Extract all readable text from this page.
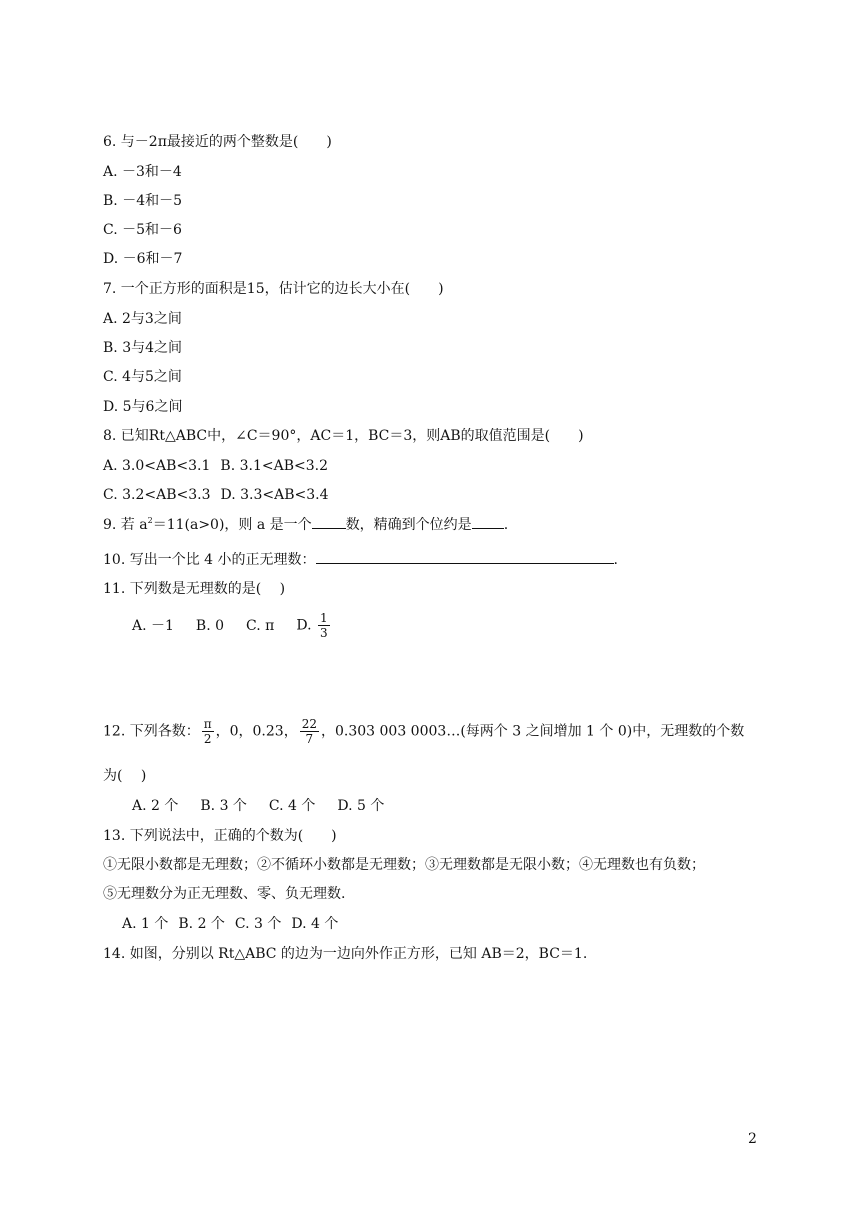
6. 与－2π最接近的两个整数是(　　)
A. －3和－4
B. －4和－5
C. －5和－6
D. －6和－7
7. 一个正方形的面积是15，估计它的边长大小在(　　)
A. 2与3之间
B. 3与4之间
C. 4与5之间
D. 5与6之间
8. 已知Rt△ABC中，∠C＝90°，AC＝1，BC＝3，则AB的取值范围是(　　)
A. 3.0<AB<3.1 B. 3.1<AB<3.2
C. 3.2<AB<3.3 D. 3.3<AB<3.4
9. 若 $a^2=11(a>0)$，则 a 是一个 数，精确到个位约是 .
10. 写出一个比 4 小的正无理数：	.
11. 下列数是无理数的是(　 )
A. －1 B. 0 C. π D. $\frac{1}{3}$
12. 下列各数： $\frac{\pi}{2}$ ，0，0.23， $\frac{22}{7}$ ，0.303 003 0003…(每两个 3 之间增加 1 个 0)中，无理数的个数
为(　 )
A. 2 个 B. 3 个 C. 4 个 D. 5 个
13. 下列说法中，正确的个数为(　　)
①无限小数都是无理数；②不循环小数都是无理数；③无理数都是无限小数；④无理数也有负数；
⑤无理数分为正无理数、零、负无理数.
A. 1 个 B. 2 个 C. 3 个 D. 4 个
14. 如图，分别以 Rt△ABC 的边为一边向外作正方形，已知 AB＝2，BC＝1.
2
